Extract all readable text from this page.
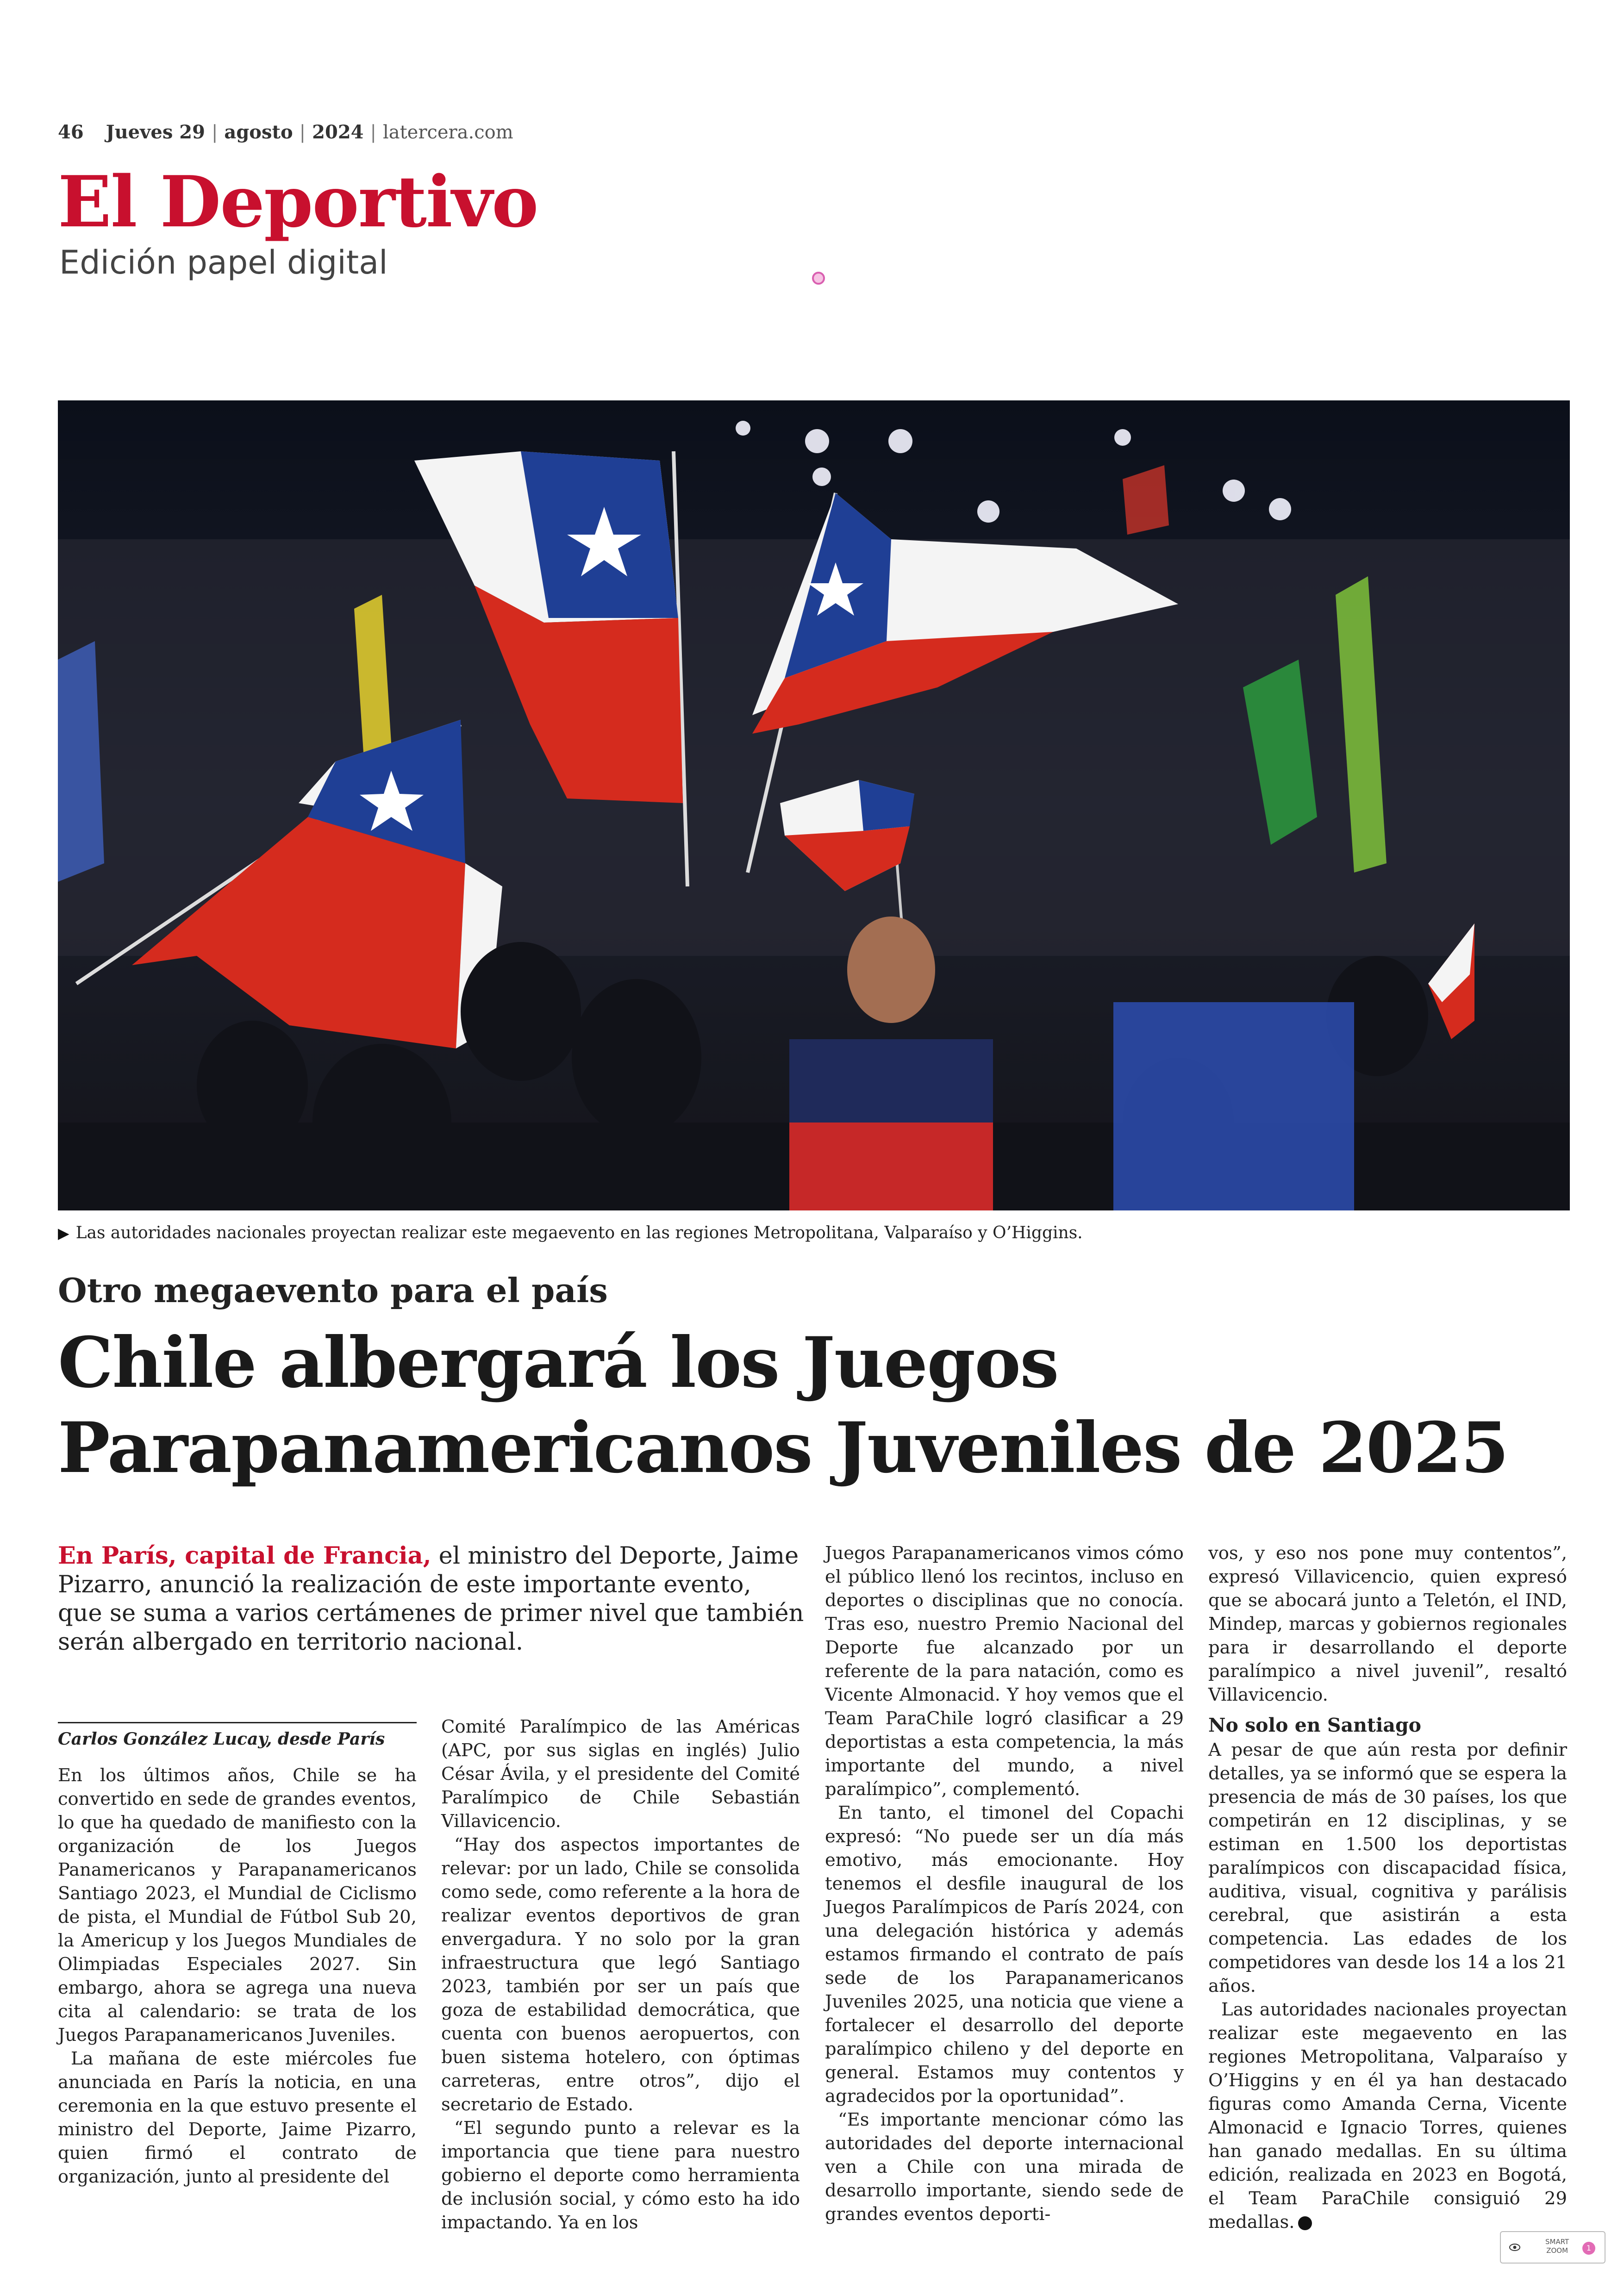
46 Jueves 29 | agosto | 2024 | latercera.com
El Deportivo
Edición papel digital
▶ Las autoridades nacionales proyectan realizar este megaevento en las regiones Metropolitana, Valparaíso y O’Higgins.
Otro megaevento para el país
Chile albergará los Juegos
Parapanamericanos Juveniles de 2025
En París, capital de Francia, el ministro del Deporte, Jaime
Pizarro, anunció la realización de este importante evento,
que se suma a varios certámenes de primer nivel que también
serán albergado en territorio nacional.
Carlos González Lucay, desde París

En los últimos años, Chile se ha convertido en sede de grandes eventos, lo que ha quedado de manifiesto con la organización de los Juegos Panamericanos y Parapanamericanos Santiago 2023, el Mundial de Ciclismo de pista, el Mundial de Fútbol Sub 20, la Americup y los Juegos Mundiales de Olimpiadas Especiales 2027. Sin embargo, ahora se agrega una nueva cita al calendario: se trata de los Juegos Parapanamericanos Juveniles.

La mañana de este miércoles fue anunciada en París la noticia, en una ceremonia en la que estuvo presente el ministro del Deporte, Jaime Pizarro, quien firmó el contrato de organización, junto al presidente del

Comité Paralímpico de las Américas (APC, por sus siglas en inglés) Julio César Ávila, y el presidente del Comité Paralímpico de Chile Sebastián Villavicencio.

“Hay dos aspectos importantes de relevar: por un lado, Chile se consolida como sede, como referente a la hora de realizar eventos deportivos de gran envergadura. Y no solo por la gran infraestructura que legó Santiago 2023, también por ser un país que goza de estabilidad democrática, que cuenta con buenos aeropuertos, con buen sistema hotelero, con óptimas carreteras, entre otros”, dijo el secretario de Estado.

“El segundo punto a relevar es la importancia que tiene para nuestro gobierno el deporte como herramienta de inclusión social, y cómo esto ha ido impactando. Ya en los

Juegos Parapanamericanos vimos cómo el público llenó los recintos, incluso en deportes o disciplinas que no conocía. Tras eso, nuestro Premio Nacional del Deporte fue alcanzado por un referente de la para natación, como es Vicente Almonacid. Y hoy vemos que el Team ParaChile logró clasificar a 29 deportistas a esta competencia, la más importante del mundo, a nivel paralímpico”, complementó.

En tanto, el timonel del Copachi expresó: “No puede ser un día más emotivo, más emocionante. Hoy tenemos el desfile inaugural de los Juegos Paralímpicos de París 2024, con una delegación histórica y además estamos firmando el contrato de país sede de los Parapanamericanos Juveniles 2025, una noticia que viene a fortalecer el desarrollo del deporte paralímpico chileno y del deporte en general. Estamos muy contentos y agradecidos por la oportunidad”.

“Es importante mencionar cómo las autoridades del deporte internacional ven a Chile con una mirada de desarrollo importante, siendo sede de grandes eventos deporti-

vos, y eso nos pone muy contentos”, expresó Villavicencio, quien expresó que se abocará junto a Teletón, el IND, Mindep, marcas y gobiernos regionales para ir desarrollando el deporte paralímpico a nivel juvenil”, resaltó Villavicencio.

No solo en Santiago

A pesar de que aún resta por definir detalles, ya se informó que se espera la presencia de más de 30 países, los que competirán en 12 disciplinas, y se estiman en 1.500 los deportistas paralímpicos con discapacidad física, auditiva, visual, cognitiva y parálisis cerebral, que asistirán a esta competencia. Las edades de los competidores van desde los 14 a los 21 años.

Las autoridades nacionales proyectan realizar este megaevento en las regiones Metropolitana, Valparaíso y O’Higgins y en él ya han destacado figuras como Amanda Cerna, Vicente Almonacid e Ignacio Torres, quienes han ganado medallas. En su última edición, realizada en 2023 en Bogotá, el Team ParaChile consiguió 29 medallas.

SMART
ZOOM	1
